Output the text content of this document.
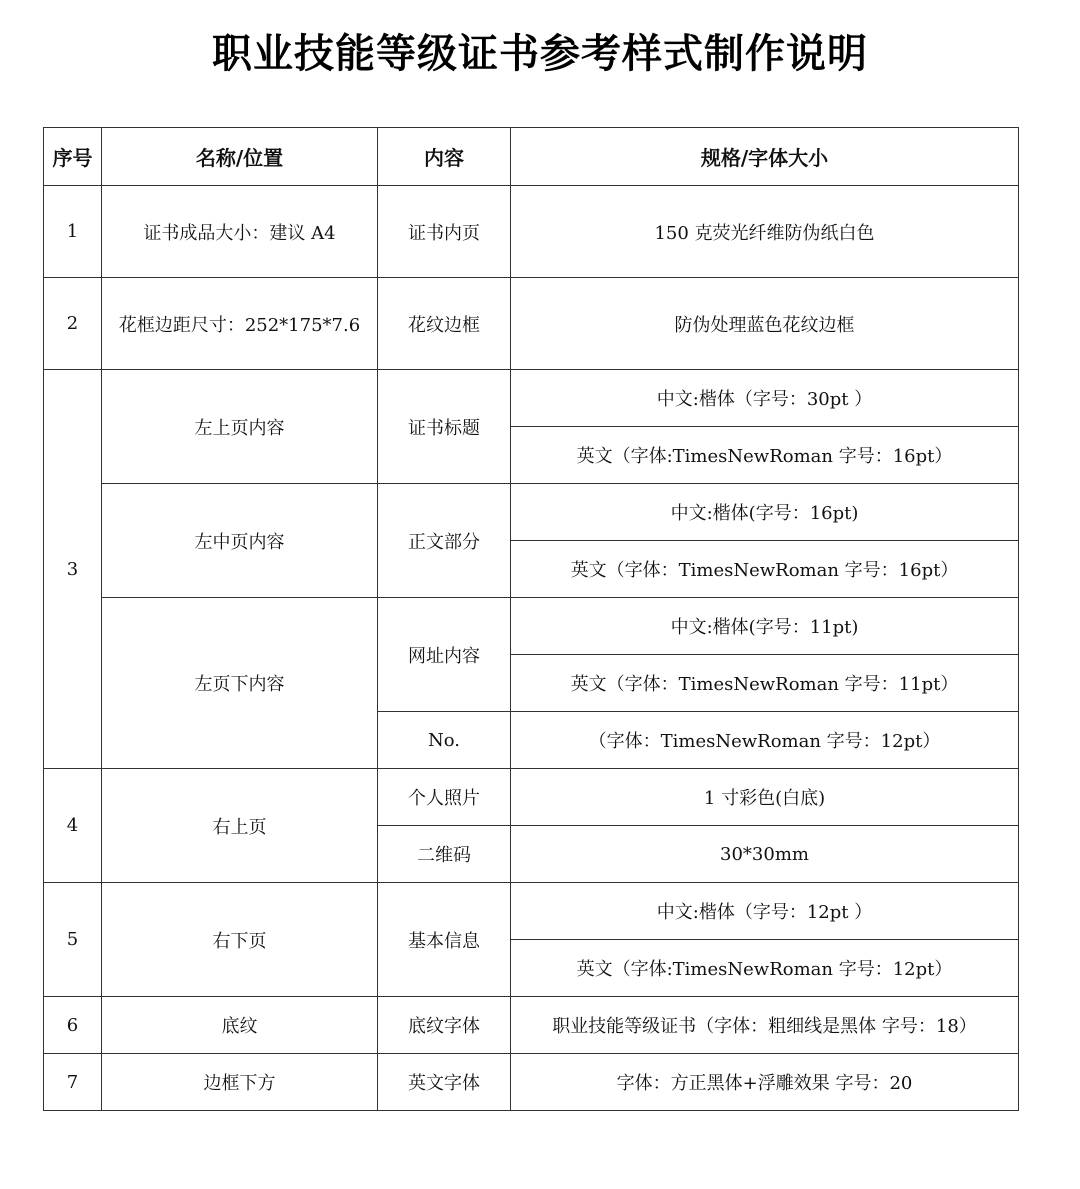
职业技能等级证书参考样式制作说明
序号	名称/位置	内容	规格/字体大小
1	证书成品大小：建议 A4	证书内页	150 克荧光纤维防伪纸白色
2	花框边距尺寸：252*175*7.6	花纹边框	防伪处理蓝色花纹边框
3	左上页内容	证书标题	中文:楷体（字号：30pt ）
			英文（字体:TimesNewRoman 字号：16pt）
	左中页内容	正文部分	中文:楷体(字号：16pt)
			英文（字体：TimesNewRoman 字号：16pt）
	左页下内容	网址内容	中文:楷体(字号：11pt)
			英文（字体：TimesNewRoman 字号：11pt）
		No.	（字体：TimesNewRoman 字号：12pt）
4	右上页	个人照片	1 寸彩色(白底)
		二维码	30*30mm
5	右下页	基本信息	中文:楷体（字号：12pt ）
			英文（字体:TimesNewRoman 字号：12pt）
6	底纹	底纹字体	职业技能等级证书（字体：粗细线是黑体 字号：18）
7	边框下方	英文字体	字体：方正黑体+浮雕效果 字号：20
